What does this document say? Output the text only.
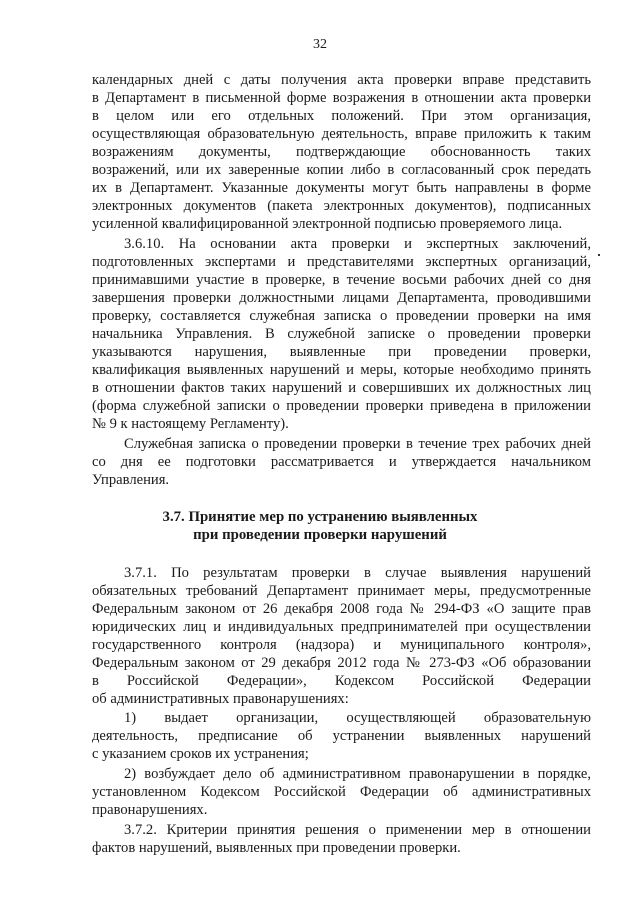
32
календарных дней с даты получения акта проверки вправе представить
в Департамент в письменной форме возражения в отношении акта проверки
в целом или его отдельных положений. При этом организация,
осуществляющая образовательную деятельность, вправе приложить к таким
возражениям документы, подтверждающие обоснованность таких
возражений, или их заверенные копии либо в согласованный срок передать
их в Департамент. Указанные документы могут быть направлены в форме
электронных документов (пакета электронных документов), подписанных
усиленной квалифицированной электронной подписью проверяемого лица.
3.6.10. На основании акта проверки и экспертных заключений,
подготовленных экспертами и представителями экспертных организаций,
принимавшими участие в проверке, в течение восьми рабочих дней со дня
завершения проверки должностными лицами Департамента, проводившими
проверку, составляется служебная записка о проведении проверки на имя
начальника Управления. В служебной записке о проведении проверки
указываются нарушения, выявленные при проведении проверки,
квалификация выявленных нарушений и меры, которые необходимо принять
в отношении фактов таких нарушений и совершивших их должностных лиц
(форма служебной записки о проведении проверки приведена в приложении
№ 9 к настоящему Регламенту).
Служебная записка о проведении проверки в течение трех рабочих дней
со дня ее подготовки рассматривается и утверждается начальником
Управления.
3.7. Принятие мер по устранению выявленных
при проведении проверки нарушений
3.7.1. По результатам проверки в случае выявления нарушений
обязательных требований Департамент принимает меры, предусмотренные
Федеральным законом от 26 декабря 2008 года № 294-ФЗ «О защите прав
юридических лиц и индивидуальных предпринимателей при осуществлении
государственного контроля (надзора) и муниципального контроля»,
Федеральным законом от 29 декабря 2012 года № 273-ФЗ «Об образовании
в Российской Федерации», Кодексом Российской Федерации
об административных правонарушениях:
1) выдает организации, осуществляющей образовательную
деятельность, предписание об устранении выявленных нарушений
с указанием сроков их устранения;
2) возбуждает дело об административном правонарушении в порядке,
установленном Кодексом Российской Федерации об административных
правонарушениях.
3.7.2. Критерии принятия решения о применении мер в отношении
фактов нарушений, выявленных при проведении проверки.
